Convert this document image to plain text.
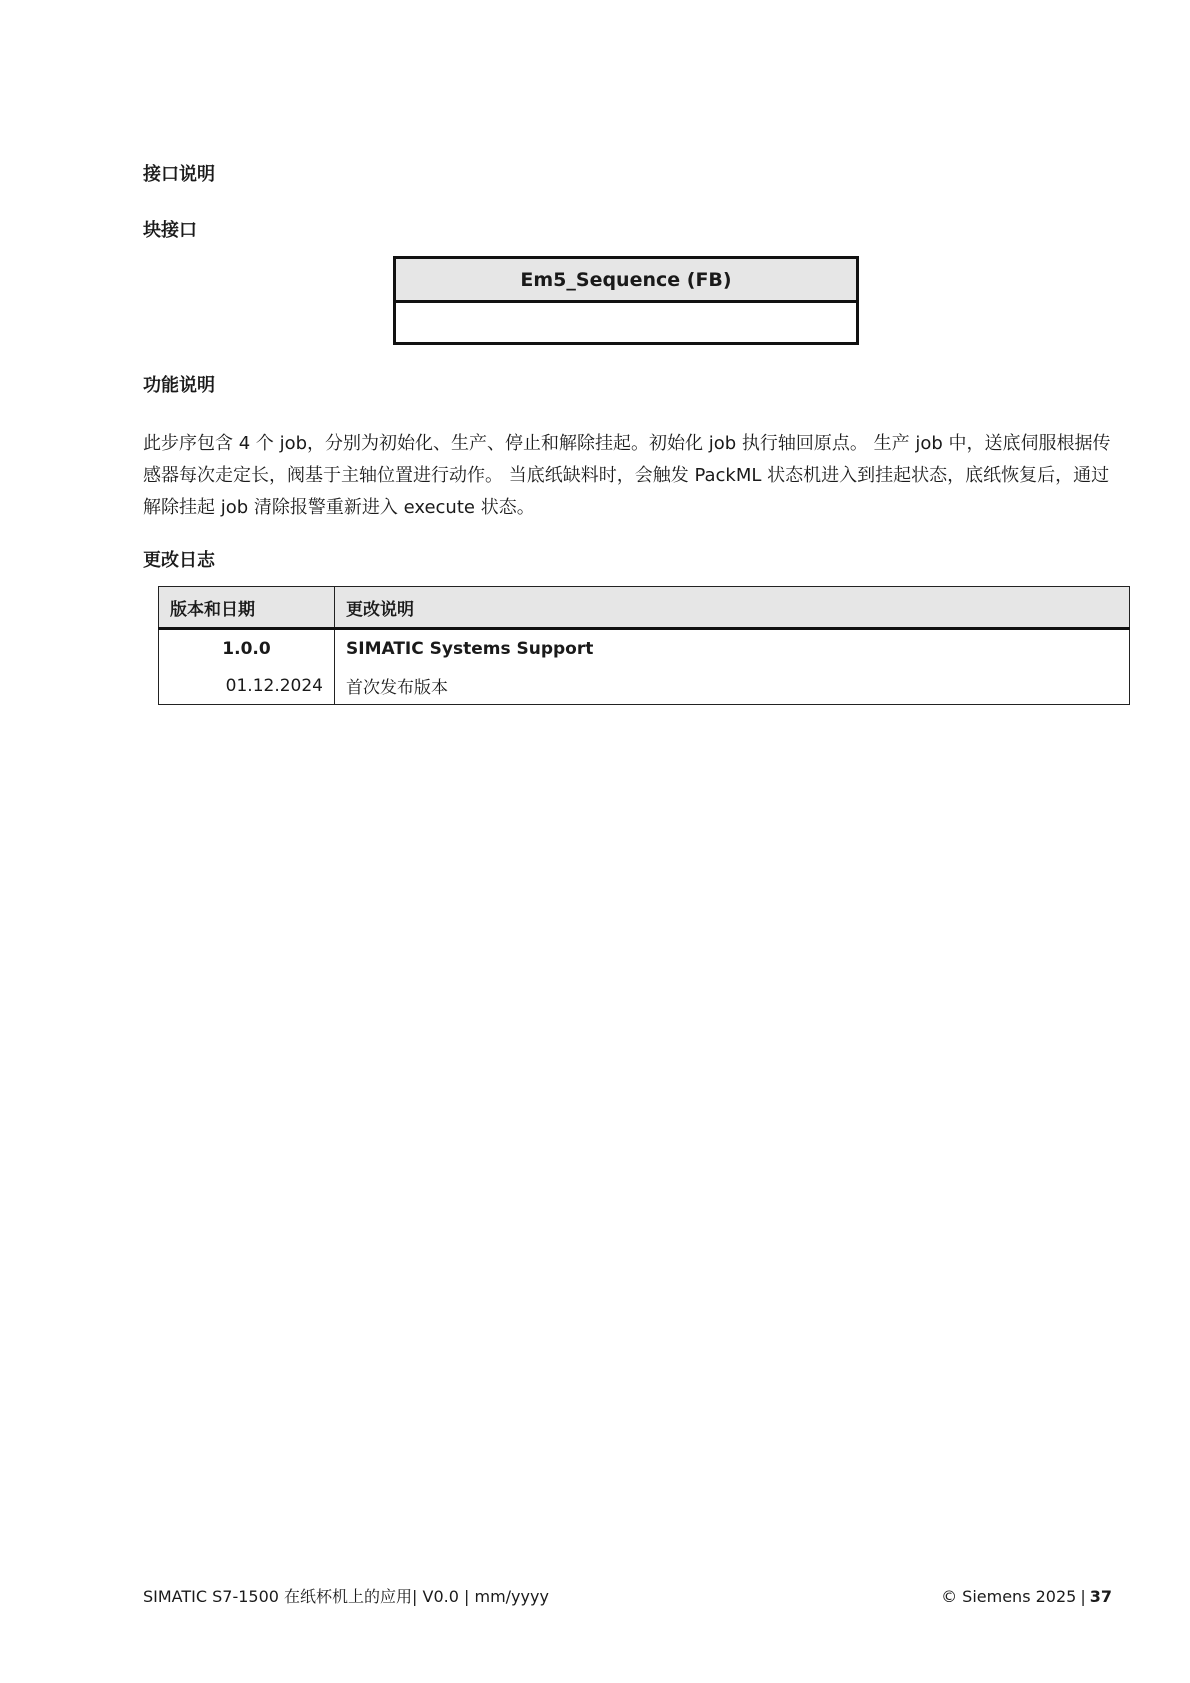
接口说明
块接口
Em5_Sequence (FB)
功能说明

此步序包含 4 个 job，分别为初始化、生产、停止和解除挂起。初始化 job 执行轴回原点。 生产 job 中，送底伺服根据传感器每次走定长，阀基于主轴位置进行动作。 当底纸缺料时，会触发 PackML 状态机进入到挂起状态，底纸恢复后，通过解除挂起 job 清除报警重新进入 execute 状态。

更改日志
版本和日期	更改说明
1.0.0	SIMATIC Systems Support
01.12.2024	首次发布版本
SIMATIC S7-1500 在纸杯机上的应用| V0.0 | mm/yyyy	© Siemens 2025 | 37
